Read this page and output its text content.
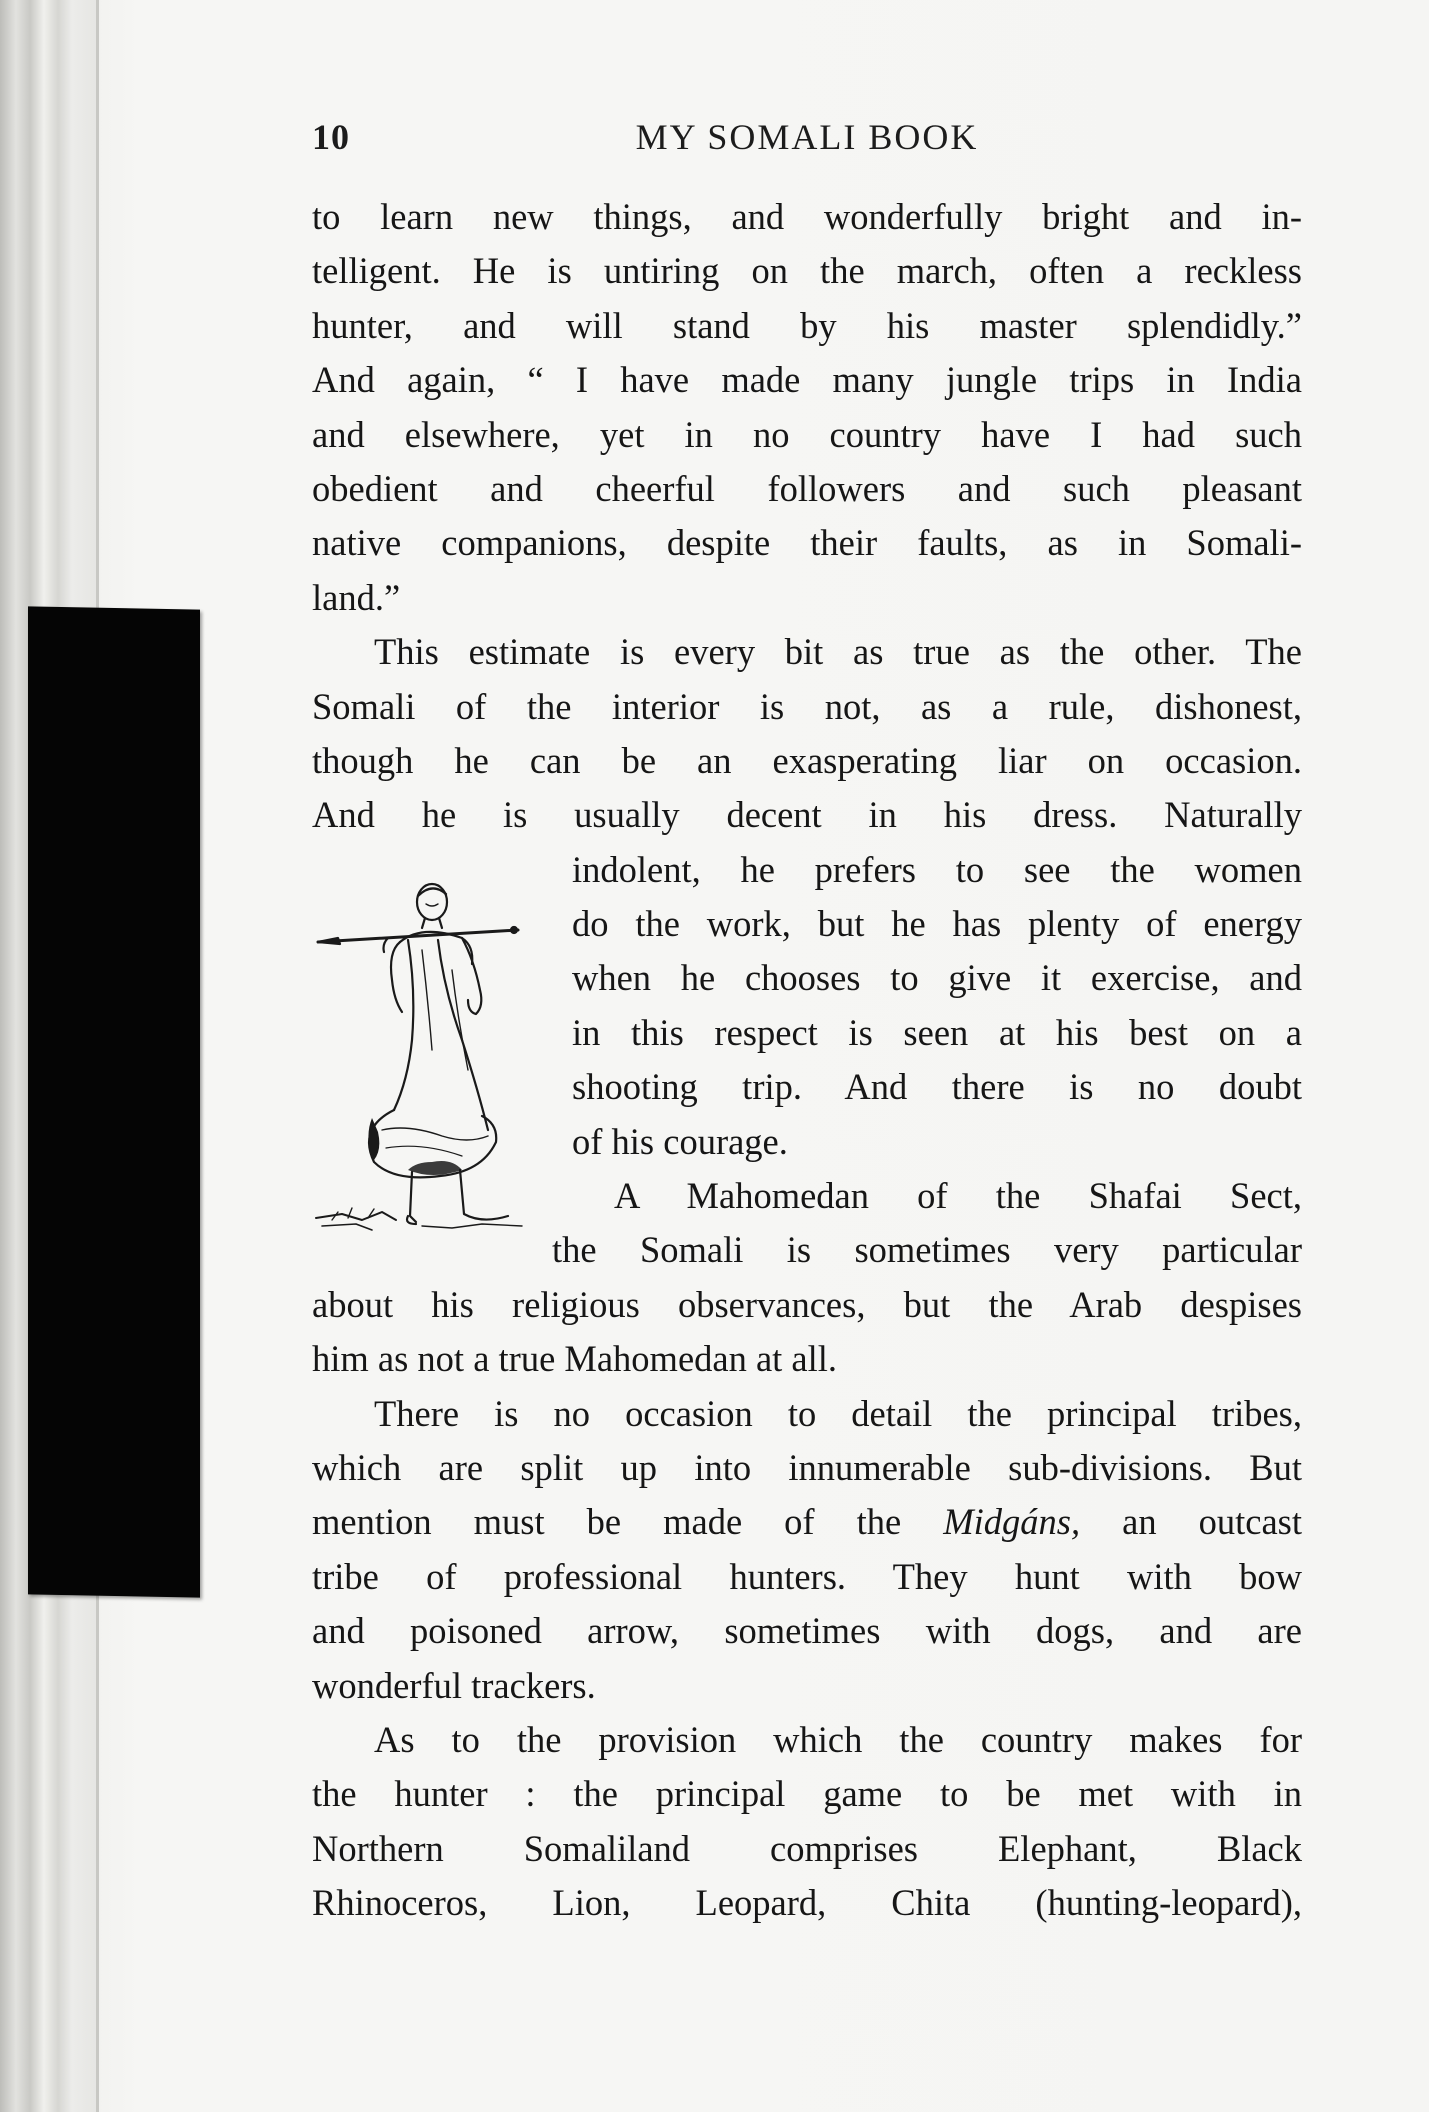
10	MY SOMALI BOOK
to learn new things, and wonderfully bright and in-
telligent. He is untiring on the march, often a reckless
hunter, and will stand by his master splendidly.”
And again, “ I have made many jungle trips in India
and elsewhere, yet in no country have I had such
obedient and cheerful followers and such pleasant
native companions, despite their faults, as in Somali-
land.”
This estimate is every bit as true as the other. The
Somali of the interior is not, as a rule, dishonest,
though he can be an exasperating liar on occasion.
And he is usually decent in his dress. Naturally
indolent, he prefers to see the women
do the work, but he has plenty of energy
when he chooses to give it exercise, and
in this respect is seen at his best on a
shooting trip. And there is no doubt
of his courage.
A Mahomedan of the Shafai Sect,
the Somali is sometimes very particular
about his religious observances, but the Arab despises
him as not a true Mahomedan at all.
There is no occasion to detail the principal tribes,
which are split up into innumerable sub-divisions. But
mention must be made of the Midgáns, an outcast
tribe of professional hunters. They hunt with bow
and poisoned arrow, sometimes with dogs, and are
wonderful trackers.
As to the provision which the country makes for
the hunter : the principal game to be met with in
Northern Somaliland comprises Elephant, Black
Rhinoceros, Lion, Leopard, Chita (hunting-leopard),
